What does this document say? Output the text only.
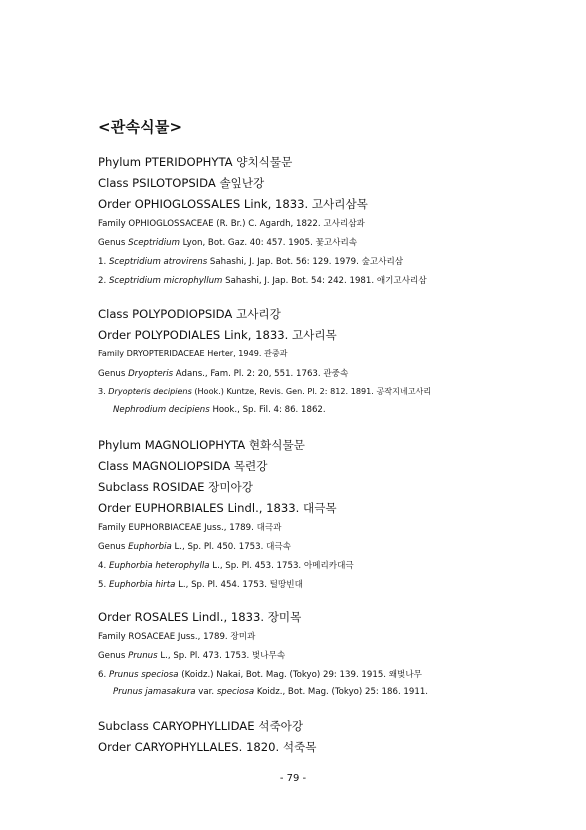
<관속식물>
Phylum PTERIDOPHYTA 양치식물문
Class PSILOTOPSIDA 솔잎난강
Order OPHIOGLOSSALES Link, 1833. 고사리삼목
Family OPHIOGLOSSACEAE (R. Br.) C. Agardh, 1822. 고사리삼과
Genus Sceptridium Lyon, Bot. Gaz. 40: 457. 1905. 꽃고사리속
1. Sceptridium atrovirens Sahashi, J. Jap. Bot. 56: 129. 1979. 숲고사리삼
2. Sceptridium microphyllum Sahashi, J. Jap. Bot. 54: 242. 1981. 애기고사리삼
Class POLYPODIOPSIDA 고사리강
Order POLYPODIALES Link, 1833. 고사리목
Family DRYOPTERIDACEAE Herter, 1949. 관중과
Genus Dryopteris Adans., Fam. Pl. 2: 20, 551. 1763. 관중속
3. Dryopteris decipiens (Hook.) Kuntze, Revis. Gen. Pl. 2: 812. 1891. 공작지네고사리
Nephrodium decipiens Hook., Sp. Fil. 4: 86. 1862.
Phylum MAGNOLIOPHYTA 현화식물문
Class MAGNOLIOPSIDA 목련강
Subclass ROSIDAE 장미아강
Order EUPHORBIALES Lindl., 1833. 대극목
Family EUPHORBIACEAE Juss., 1789. 대극과
Genus Euphorbia L., Sp. Pl. 450. 1753. 대극속
4. Euphorbia heterophylla L., Sp. Pl. 453. 1753. 아메리카대극
5. Euphorbia hirta L., Sp. Pl. 454. 1753. 털땅빈대
Order ROSALES Lindl., 1833. 장미목
Family ROSACEAE Juss., 1789. 장미과
Genus Prunus L., Sp. Pl. 473. 1753. 벚나무속
6. Prunus speciosa (Koidz.) Nakai, Bot. Mag. (Tokyo) 29: 139. 1915. 왜벚나무
Prunus jamasakura var. speciosa Koidz., Bot. Mag. (Tokyo) 25: 186. 1911.
Subclass CARYOPHYLLIDAE 석죽아강
Order CARYOPHYLLALES. 1820. 석죽목
- 79 -
